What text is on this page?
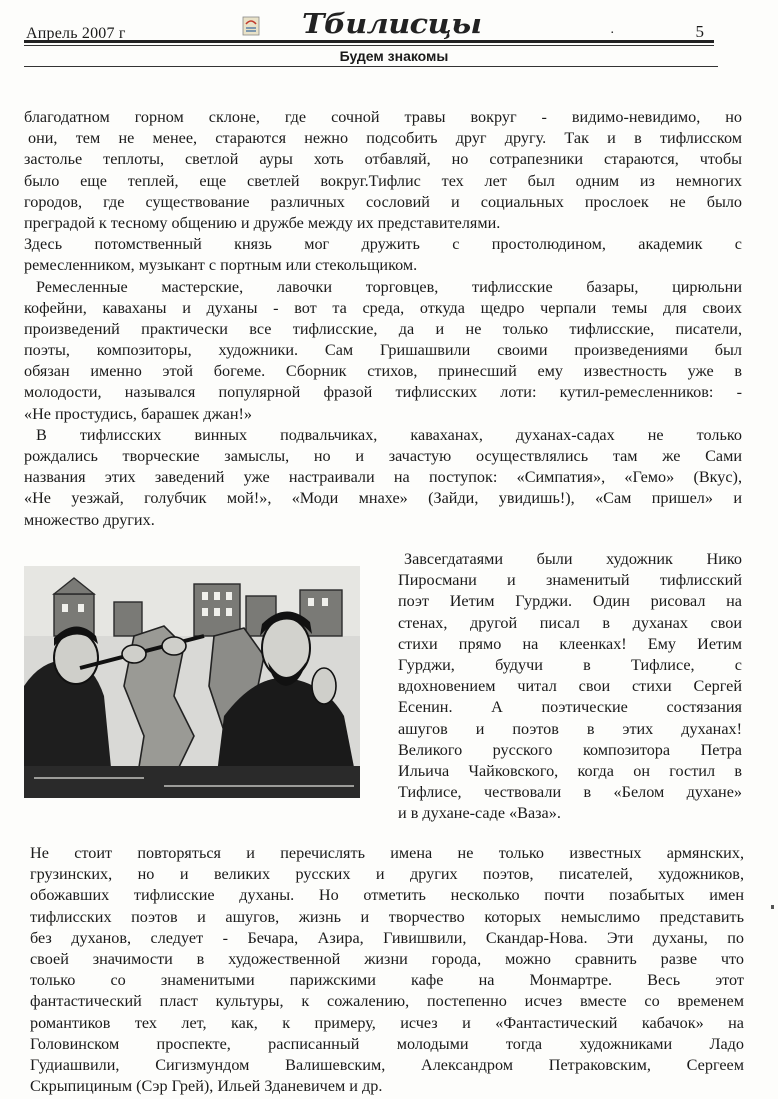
Апрель 2007 г	Тбилисцы	.	5
Будем знакомы
благодатном горном склоне, где сочной травы вокруг - видимо-невидимо, но
они, тем не менее, стараются нежно подсобить друг другу. Так и в тифлисском
застолье теплоты, светлой ауры хоть отбавляй, но сотрапезники стараются, чтобы
было еще теплей, еще светлей вокруг.Тифлис тех лет был одним из немногих
городов, где существование различных сословий и социальных прослоек не было
преградой к тесному общению и дружбе между их представителями.
Здесь потомственный князь мог дружить с простолюдином, академик с
ремесленником, музыкант с портным или стекольщиком.
Ремесленные мастерские, лавочки торговцев, тифлисские базары, цирюльни
кофейни, каваханы и духаны - вот та среда, откуда щедро черпали темы для своих
произведений практически все тифлисские, да и не только тифлисские, писатели,
поэты, композиторы, художники. Сам Гришашвили своими произведениями был
обязан именно этой богеме. Сборник стихов, принесший ему известность уже в
молодости, назывался популярной фразой тифлисских лоти: кутил-ремесленников: -
«Не простудись, барашек джан!»
В тифлисских винных подвальчиках, каваханах, духанах-садах не только
рождались творческие замыслы, но и зачастую осуществлялись там же Сами
названия этих заведений уже настраивали на поступок: «Симпатия», «Гемо» (Вкус),
«Не уезжай, голубчик мой!», «Моди мнахе» (Зайди, увидишь!), «Сам пришел» и
множество других.
Завсегдатаями были художник Нико
Пиросмани и знаменитый тифлисский
поэт Иетим Гурджи. Один рисовал на
стенах, другой писал в духанах свои
стихи прямо на клеенках! Ему Иетим
Гурджи, будучи в Тифлисе, с
вдохновением читал свои стихи Сергей
Есенин. А поэтические состязания
ашугов и поэтов в этих духанах!
Великого русского композитора Петра
Ильича Чайковского, когда он гостил в
Тифлисе, чествовали в «Белом духане»
и в духане-саде «Ваза».
Не стоит повторяться и перечислять имена не только известных армянских,
грузинских, но и великих русских и других поэтов, писателей, художников,
обожавших тифлисские духаны. Но отметить несколько почти позабытых имен
тифлисских поэтов и ашугов, жизнь и творчество которых немыслимо представить
без духанов, следует - Бечара, Азира, Гивишвили, Скандар-Нова. Эти духаны, по
своей значимости в художественной жизни города, можно сравнить разве что
только со знаменитыми парижскими кафе на Монмартре. Весь этот
фантастический пласт культуры, к сожалению, постепенно исчез вместе со временем
романтиков тех лет, как, к примеру, исчез и «Фантастический кабачок» на
Головинском проспекте, расписанный молодыми тогда художниками Ладо
Гудиашвили, Сигизмундом Валишевским, Александром Петраковским, Сергеем
Скрыпициным (Сэр Грей), Ильей Зданевичем и др.
